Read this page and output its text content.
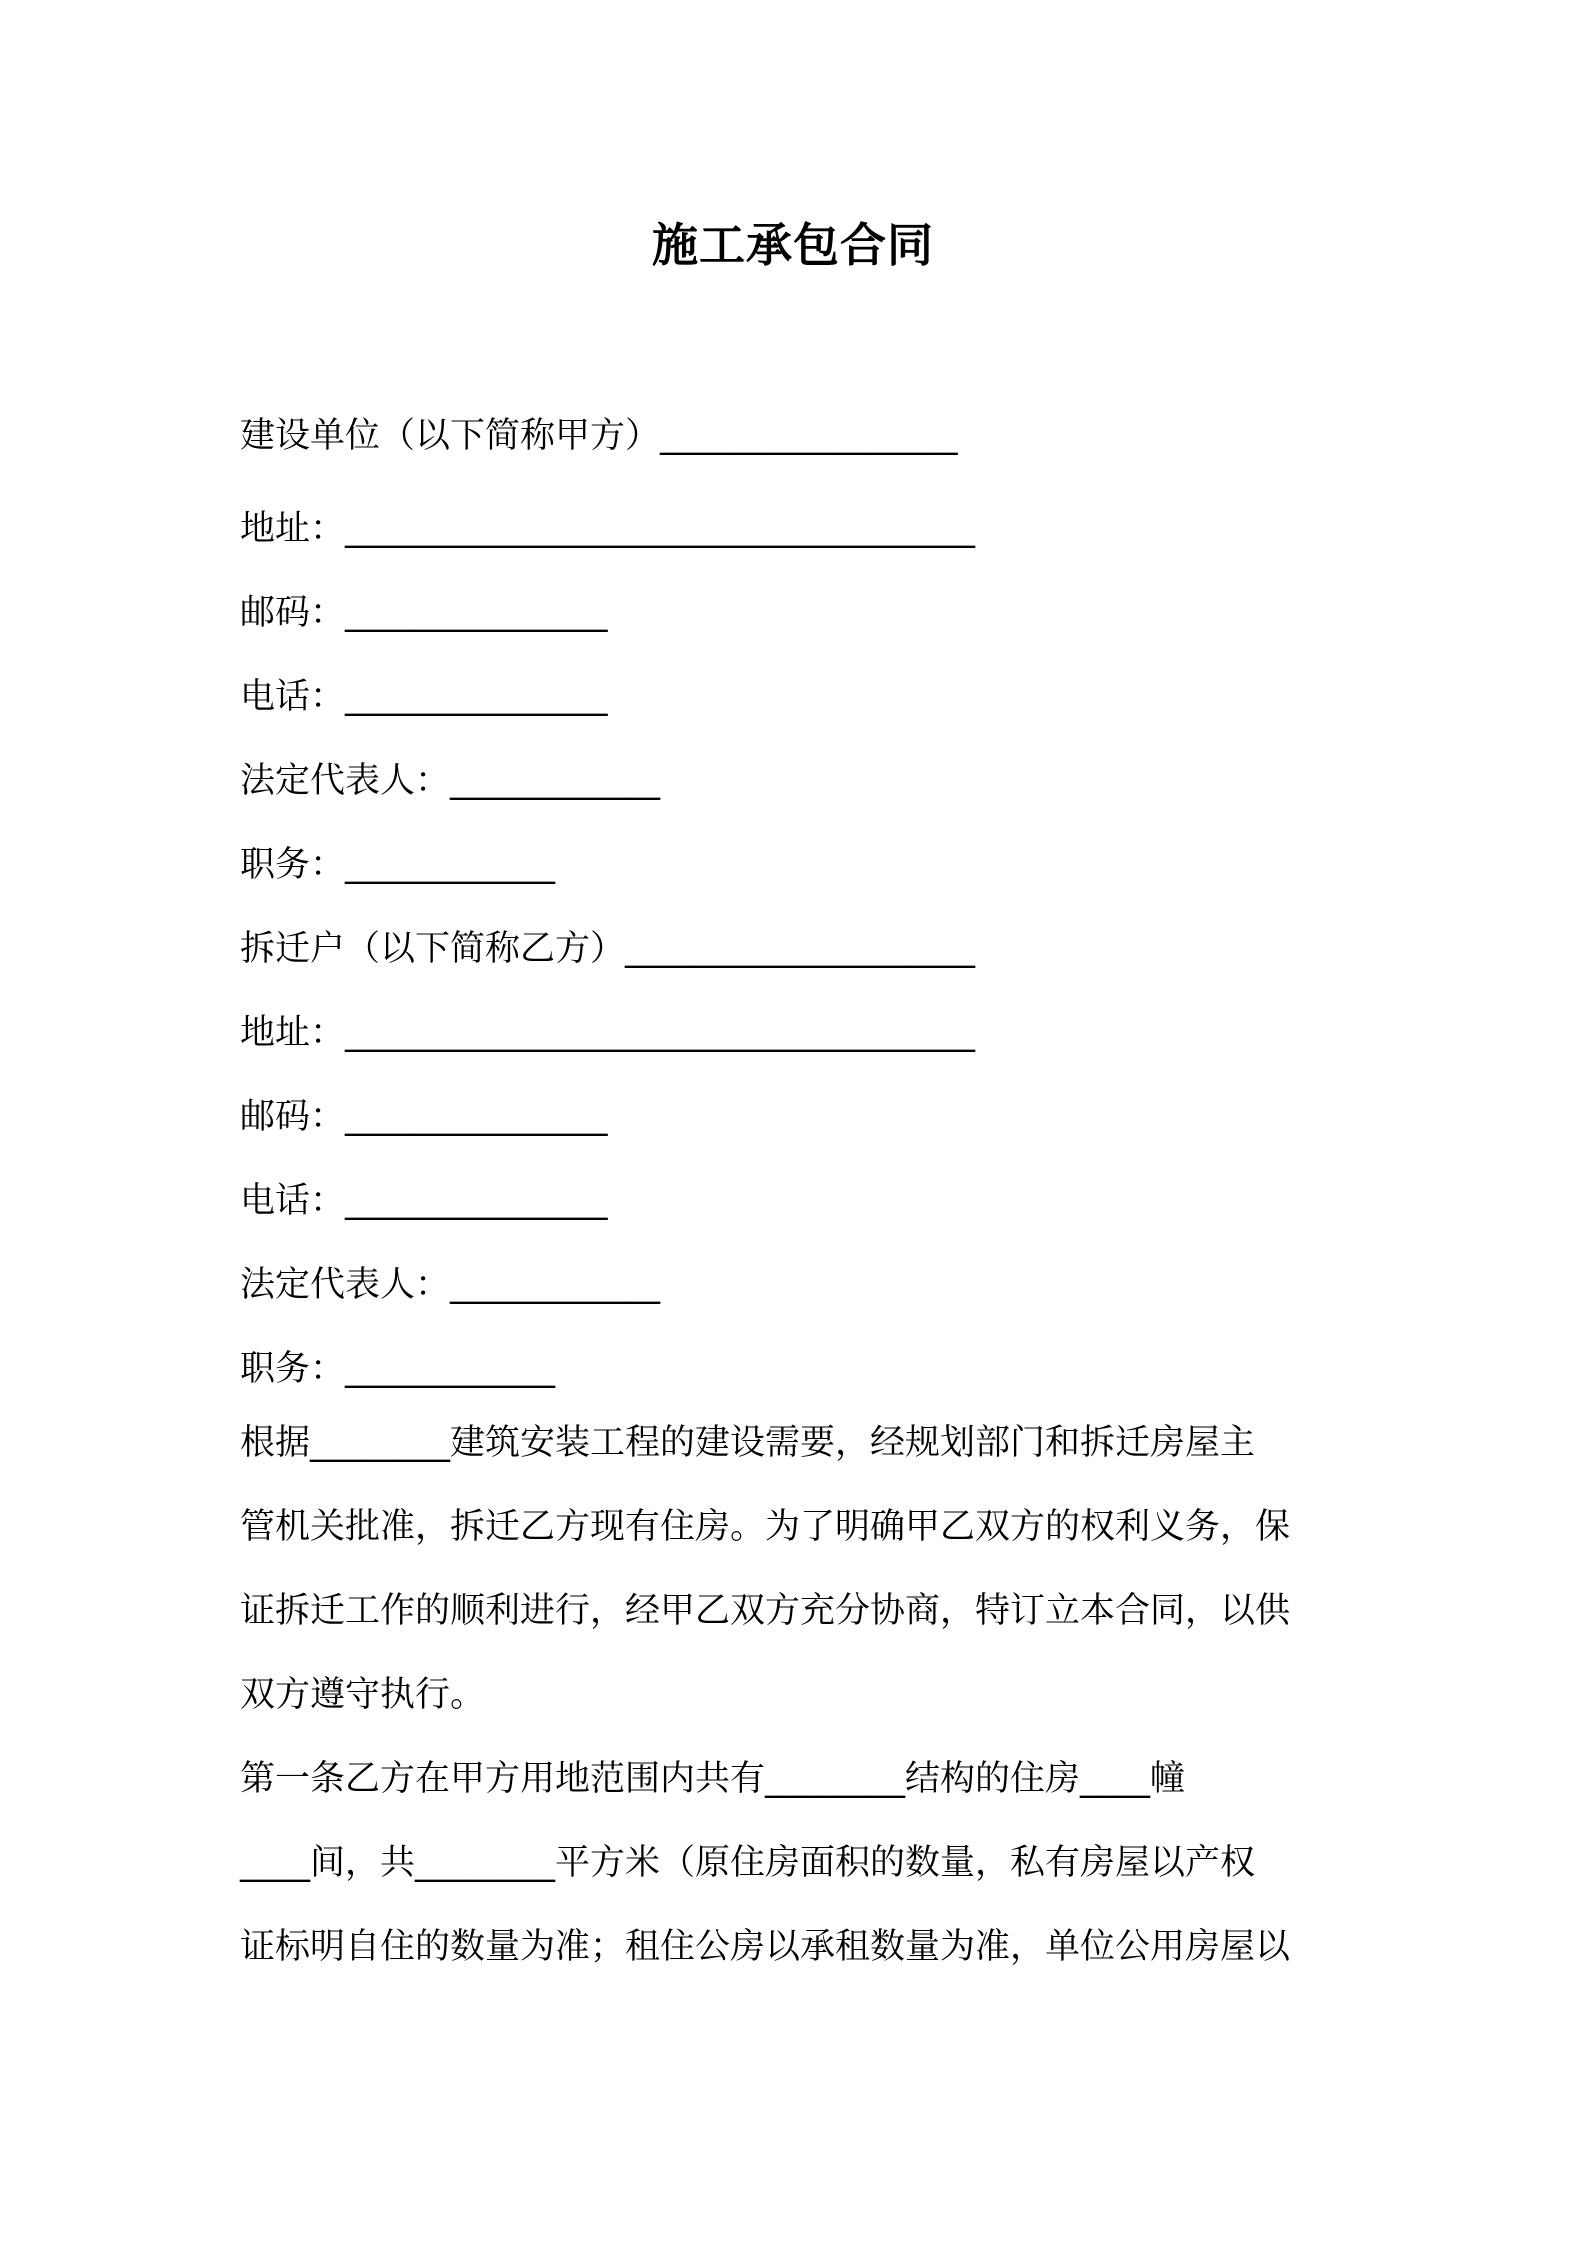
施工承包合同

建设单位（以下简称甲方）_________________

地址：____________________________________

邮码：_______________

电话：_______________

法定代表人：____________

职务：____________

拆迁户（以下简称乙方）____________________

地址：____________________________________

邮码：_______________

电话：_______________

法定代表人：____________

职务：____________

根据________建筑安装工程的建设需要，经规划部门和拆迁房屋主
管机关批准，拆迁乙方现有住房。为了明确甲乙双方的权利义务，保
证拆迁工作的顺利进行，经甲乙双方充分协商，特订立本合同，以供
双方遵守执行。
第一条乙方在甲方用地范围内共有________结构的住房____幢
____间，共________平方米（原住房面积的数量，私有房屋以产权
证标明自住的数量为准；租住公房以承租数量为准，单位公用房屋以
